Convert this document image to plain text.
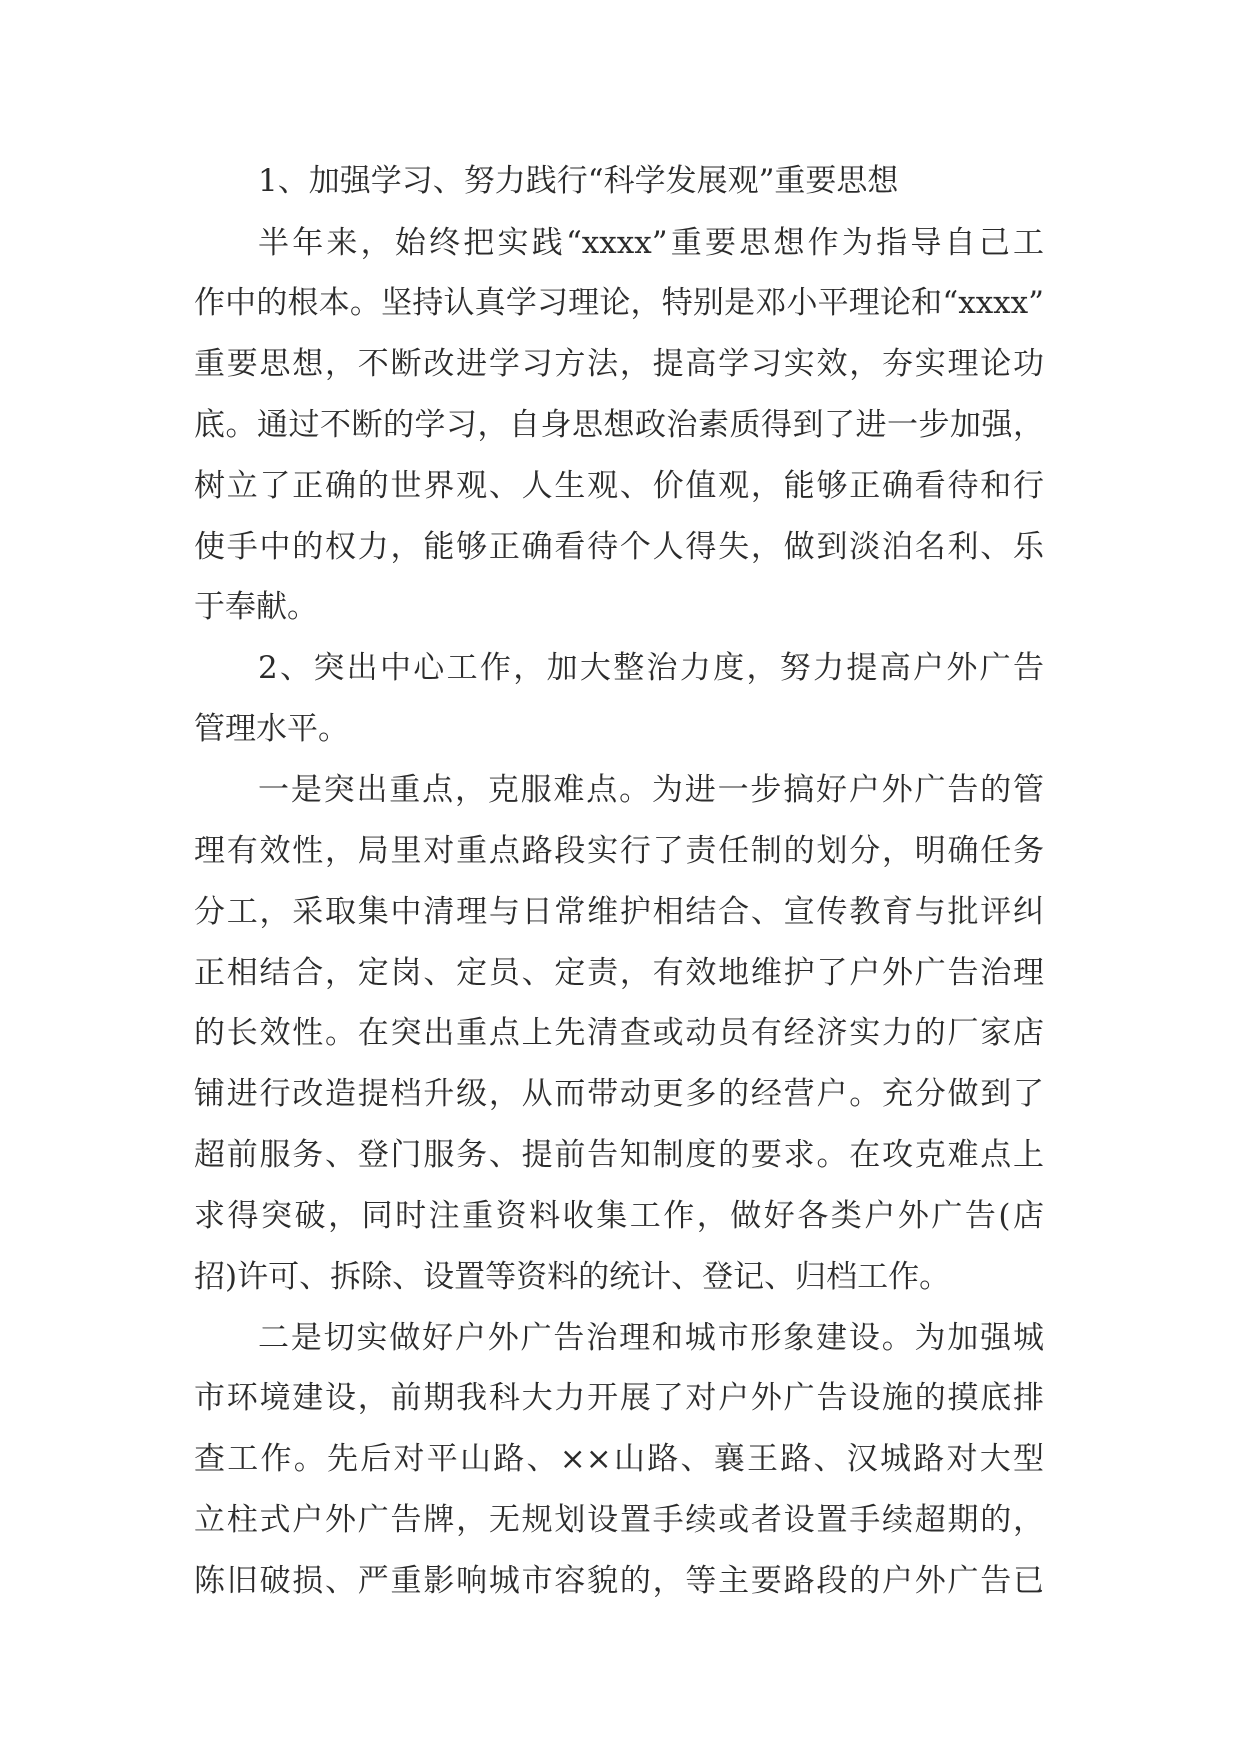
1、加强学习、努力践行“科学发展观”重要思想
半年来，始终把实践“xxxx”重要思想作为指导自己工
作中的根本。坚持认真学习理论，特别是邓小平理论和“xxxx”
重要思想，不断改进学习方法，提高学习实效，夯实理论功
底。通过不断的学习，自身思想政治素质得到了进一步加强，
树立了正确的世界观、人生观、价值观，能够正确看待和行
使手中的权力，能够正确看待个人得失，做到淡泊名利、乐
于奉献。
2、突出中心工作，加大整治力度，努力提高户外广告
管理水平。
一是突出重点，克服难点。为进一步搞好户外广告的管
理有效性，局里对重点路段实行了责任制的划分，明确任务
分工，采取集中清理与日常维护相结合、宣传教育与批评纠
正相结合，定岗、定员、定责，有效地维护了户外广告治理
的长效性。在突出重点上先清查或动员有经济实力的厂家店
铺进行改造提档升级，从而带动更多的经营户。充分做到了
超前服务、登门服务、提前告知制度的要求。在攻克难点上
求得突破，同时注重资料收集工作，做好各类户外广告(店
招)许可、拆除、设置等资料的统计、登记、归档工作。
二是切实做好户外广告治理和城市形象建设。为加强城
市环境建设，前期我科大力开展了对户外广告设施的摸底排
查工作。先后对平山路、××山路、襄王路、汉城路对大型
立柱式户外广告牌，无规划设置手续或者设置手续超期的，
陈旧破损、严重影响城市容貌的，等主要路段的户外广告已
